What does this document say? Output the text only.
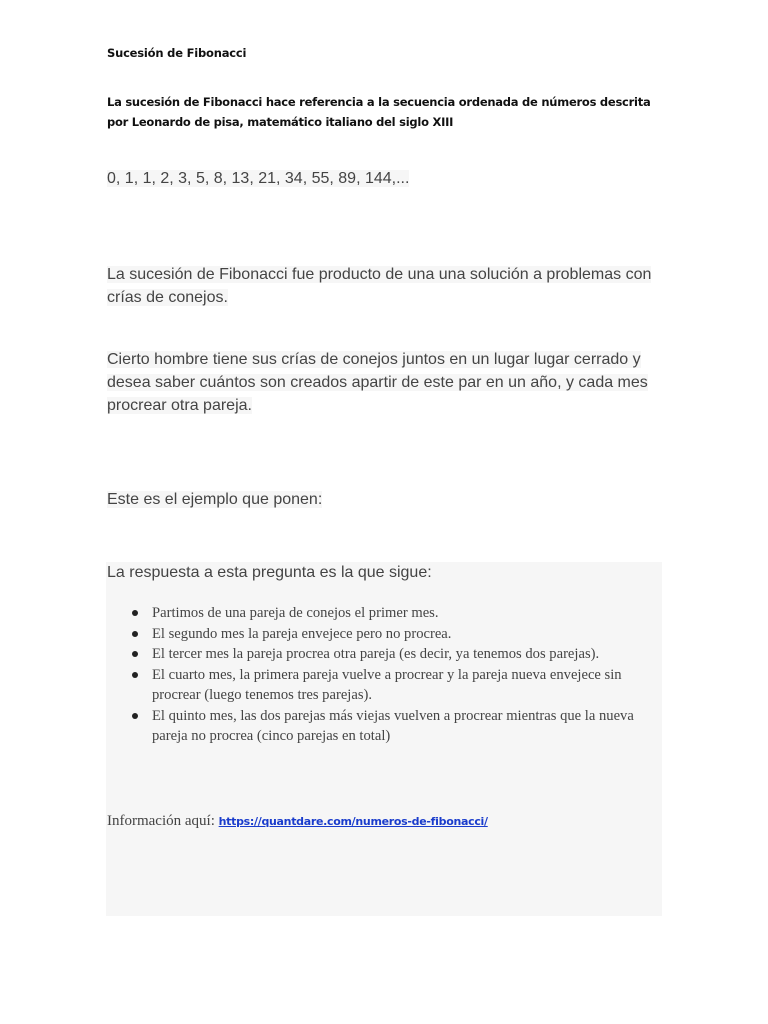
Sucesión de Fibonacci
La sucesión de Fibonacci hace referencia a la secuencia ordenada de números descrita por Leonardo de pisa, matemático italiano del siglo XIII
0, 1, 1, 2, 3, 5, 8, 13, 21, 34, 55, 89, 144,...
La sucesión de Fibonacci fue producto de una una solución a problemas con crías de conejos.
Cierto hombre tiene sus crías de conejos juntos en un lugar lugar cerrado y desea saber cuántos son creados apartir de este par en un año, y cada mes procrear otra pareja.
Este es el ejemplo que ponen:
La respuesta a esta pregunta es la que sigue:
Partimos de una pareja de conejos el primer mes.
El segundo mes la pareja envejece pero no procrea.
El tercer mes la pareja procrea otra pareja (es decir, ya tenemos dos parejas).
El cuarto mes, la primera pareja vuelve a procrear y la pareja nueva envejece sin procrear (luego tenemos tres parejas).
El quinto mes, las dos parejas más viejas vuelven a procrear mientras que la nueva pareja no procrea (cinco parejas en total)
Información aquí: https://quantdare.com/numeros-de-fibonacci/
